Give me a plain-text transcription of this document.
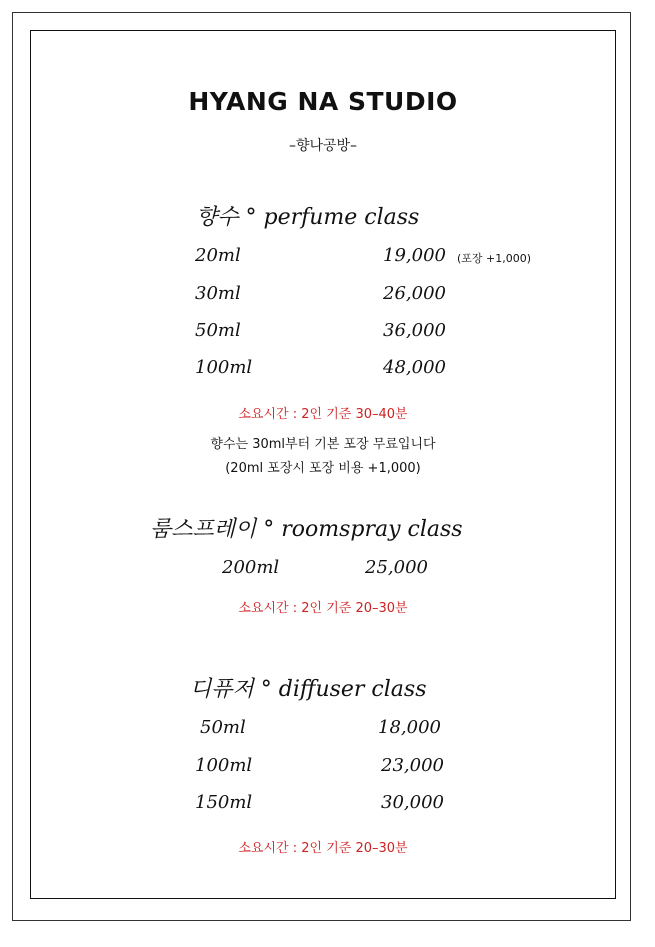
HYANG NA STUDIO
–향나공방–
향수 ° perfume class
20ml	19,000 (포장 +1,000)
30ml	26,000
50ml	36,000
100ml	48,000
소요시간 : 2인 기준 30–40분
향수는 30ml부터 기본 포장 무료입니다
(20ml 포장시 포장 비용 +1,000)
룸스프레이 ° roomspray class
200ml	25,000
소요시간 : 2인 기준 20–30분
디퓨저 ° diffuser class
50ml	18,000
100ml	23,000
150ml	30,000
소요시간 : 2인 기준 20–30분
